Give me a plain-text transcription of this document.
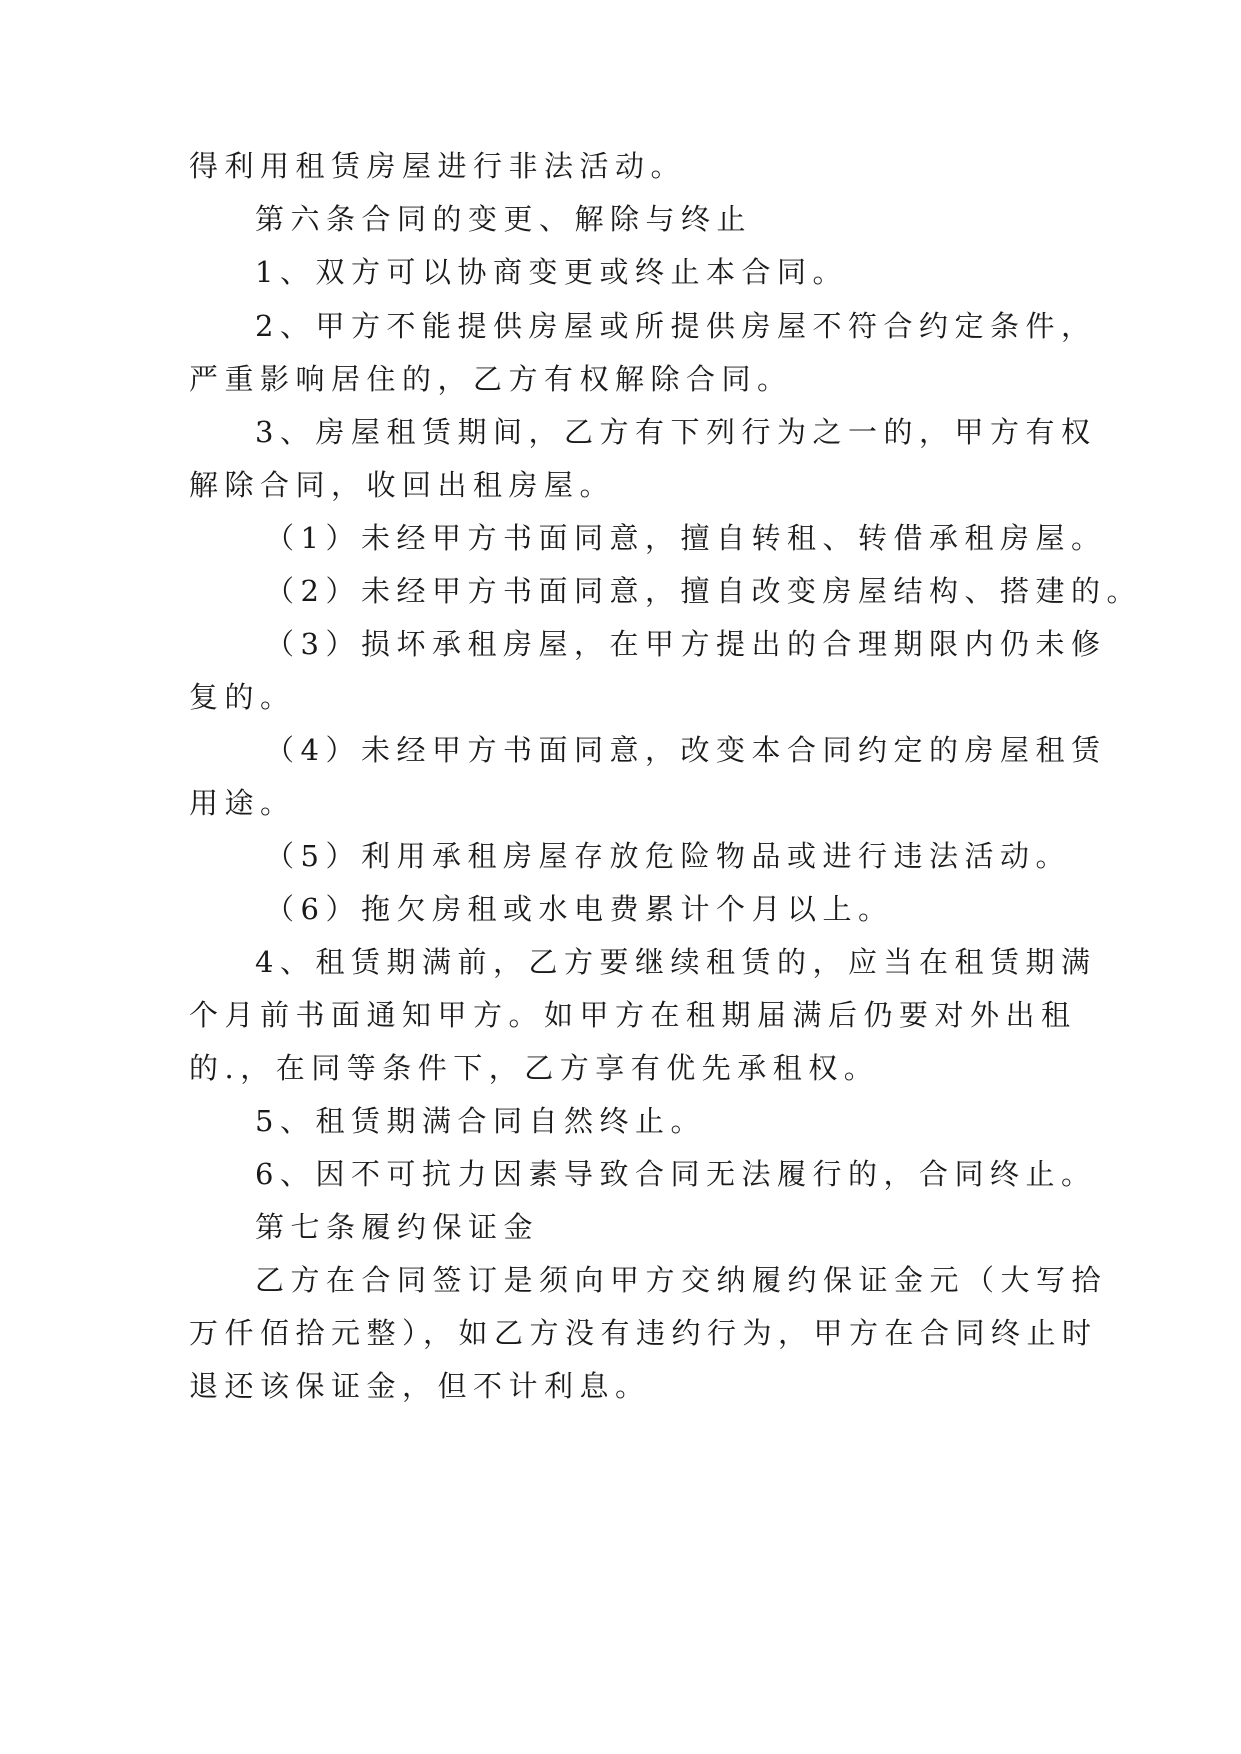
得利用租赁房屋进行非法活动。
第六条合同的变更、解除与终止
1、双方可以协商变更或终止本合同。
2、甲方不能提供房屋或所提供房屋不符合约定条件，
严重影响居住的，乙方有权解除合同。
3、房屋租赁期间，乙方有下列行为之一的，甲方有权
解除合同，收回出租房屋。
（1）未经甲方书面同意，擅自转租、转借承租房屋。
（2）未经甲方书面同意，擅自改变房屋结构、搭建的。
（3）损坏承租房屋，在甲方提出的合理期限内仍未修
复的。
（4）未经甲方书面同意，改变本合同约定的房屋租赁
用途。
（5）利用承租房屋存放危险物品或进行违法活动。
（6）拖欠房租或水电费累计个月以上。
4、租赁期满前，乙方要继续租赁的，应当在租赁期满
个月前书面通知甲方。如甲方在租期届满后仍要对外出租
的.，在同等条件下，乙方享有优先承租权。
5、租赁期满合同自然终止。
6、因不可抗力因素导致合同无法履行的，合同终止。
第七条履约保证金
乙方在合同签订是须向甲方交纳履约保证金元（大写拾
万仟佰拾元整），如乙方没有违约行为，甲方在合同终止时
退还该保证金，但不计利息。
